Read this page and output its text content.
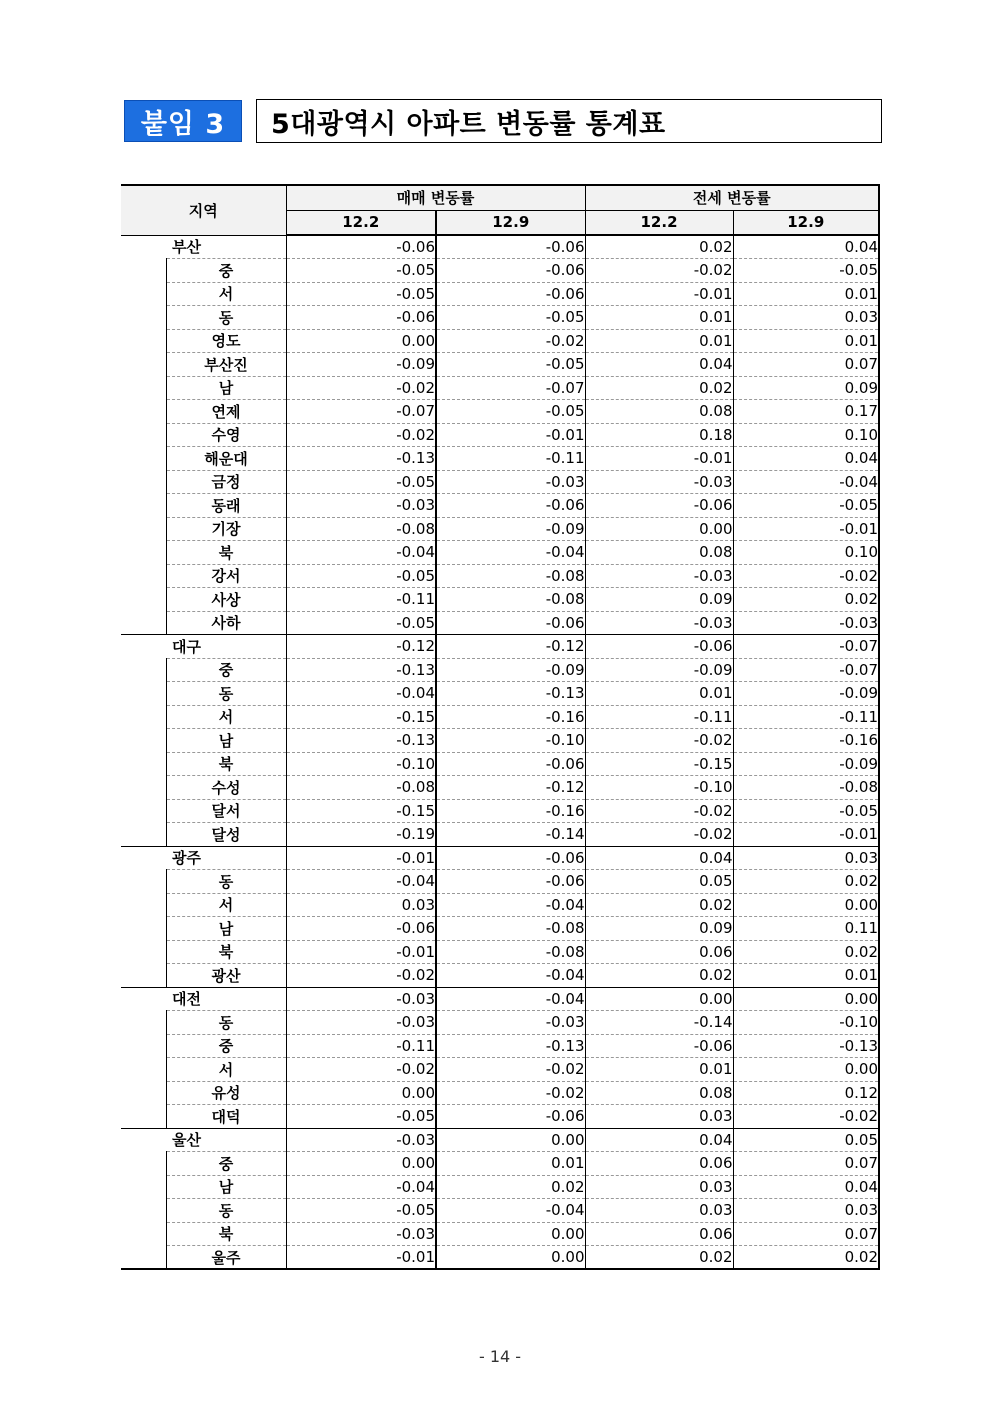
붙임 3	5대광역시 아파트 변동률 통계표
지역		매매 변동률		전세 변동률	
		12.2	12.9	12.2	12.9
부산		-0.06	-0.06	0.02	0.04
	중	-0.05	-0.06	-0.02	-0.05
	서	-0.05	-0.06	-0.01	0.01
	동	-0.06	-0.05	0.01	0.03
	영도	0.00	-0.02	0.01	0.01
	부산진	-0.09	-0.05	0.04	0.07
	남	-0.02	-0.07	0.02	0.09
	연제	-0.07	-0.05	0.08	0.17
	수영	-0.02	-0.01	0.18	0.10
	해운대	-0.13	-0.11	-0.01	0.04
	금정	-0.05	-0.03	-0.03	-0.04
	동래	-0.03	-0.06	-0.06	-0.05
	기장	-0.08	-0.09	0.00	-0.01
	북	-0.04	-0.04	0.08	0.10
	강서	-0.05	-0.08	-0.03	-0.02
	사상	-0.11	-0.08	0.09	0.02
	사하	-0.05	-0.06	-0.03	-0.03
대구		-0.12	-0.12	-0.06	-0.07
	중	-0.13	-0.09	-0.09	-0.07
	동	-0.04	-0.13	0.01	-0.09
	서	-0.15	-0.16	-0.11	-0.11
	남	-0.13	-0.10	-0.02	-0.16
	북	-0.10	-0.06	-0.15	-0.09
	수성	-0.08	-0.12	-0.10	-0.08
	달서	-0.15	-0.16	-0.02	-0.05
	달성	-0.19	-0.14	-0.02	-0.01
광주		-0.01	-0.06	0.04	0.03
	동	-0.04	-0.06	0.05	0.02
	서	0.03	-0.04	0.02	0.00
	남	-0.06	-0.08	0.09	0.11
	북	-0.01	-0.08	0.06	0.02
	광산	-0.02	-0.04	0.02	0.01
대전		-0.03	-0.04	0.00	0.00
	동	-0.03	-0.03	-0.14	-0.10
	중	-0.11	-0.13	-0.06	-0.13
	서	-0.02	-0.02	0.01	0.00
	유성	0.00	-0.02	0.08	0.12
	대덕	-0.05	-0.06	0.03	-0.02
울산		-0.03	0.00	0.04	0.05
	중	0.00	0.01	0.06	0.07
	남	-0.04	0.02	0.03	0.04
	동	-0.05	-0.04	0.03	0.03
	북	-0.03	0.00	0.06	0.07
	울주	-0.01	0.00	0.02	0.02
- 14 -
